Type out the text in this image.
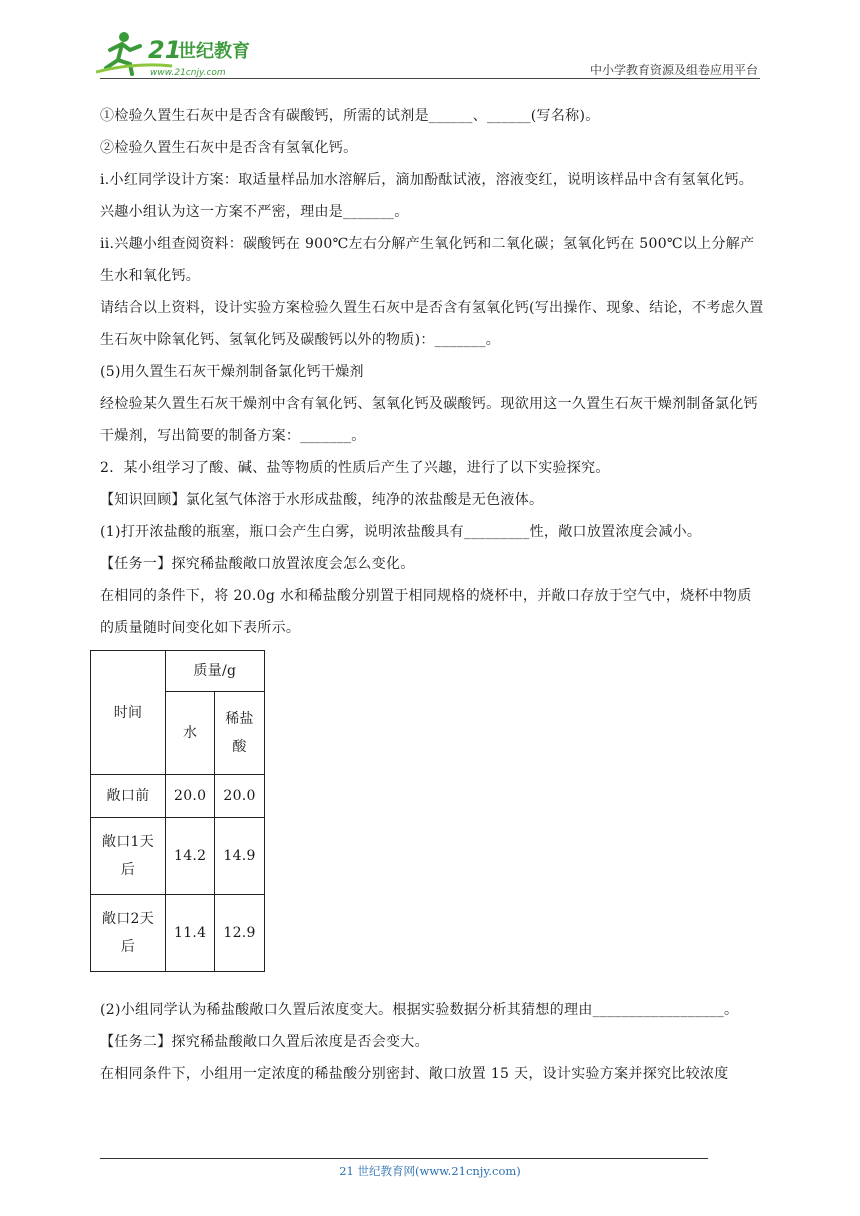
21
世纪教育
www.21cnjy.com	中小学教育资源及组卷应用平台

①检验久置生石灰中是否含有碳酸钙，所需的试剂是______、______(写名称)。

②检验久置生石灰中是否含有氢氧化钙。

i.小红同学设计方案：取适量样品加水溶解后，滴加酚酞试液，溶液变红，说明该样品中含有氢氧化钙。兴趣小组认为这一方案不严密，理由是_______。

ii.兴趣小组查阅资料：碳酸钙在 900℃左右分解产生氧化钙和二氧化碳；氢氧化钙在 500℃以上分解产生水和氧化钙。

请结合以上资料，设计实验方案检验久置生石灰中是否含有氢氧化钙(写出操作、现象、结论，不考虑久置生石灰中除氧化钙、氢氧化钙及碳酸钙以外的物质)：_______。

(5)用久置生石灰干燥剂制备氯化钙干燥剂

经检验某久置生石灰干燥剂中含有氧化钙、氢氧化钙及碳酸钙。现欲用这一久置生石灰干燥剂制备氯化钙干燥剂，写出简要的制备方案：_______。

2．某小组学习了酸、碱、盐等物质的性质后产生了兴趣，进行了以下实验探究。

【知识回顾】氯化氢气体溶于水形成盐酸，纯净的浓盐酸是无色液体。

(1)打开浓盐酸的瓶塞，瓶口会产生白雾，说明浓盐酸具有_________性，敞口放置浓度会减小。

【任务一】探究稀盐酸敞口放置浓度会怎么变化。

在相同的条件下，将 20.0g 水和稀盐酸分别置于相同规格的烧杯中，并敞口存放于空气中，烧杯中物质的质量随时间变化如下表所示。

时间	质量/g	
	水	稀盐酸
敞口前	20.0	20.0
敞口1天后	14.2	14.9
敞口2天后	11.4	12.9

(2)小组同学认为稀盐酸敞口久置后浓度变大。根据实验数据分析其猜想的理由__________________。

【任务二】探究稀盐酸敞口久置后浓度是否会变大。

在相同条件下，小组用一定浓度的稀盐酸分别密封、敞口放置 15 天，设计实验方案并探究比较浓度

21 世纪教育网(www.21cnjy.com)
